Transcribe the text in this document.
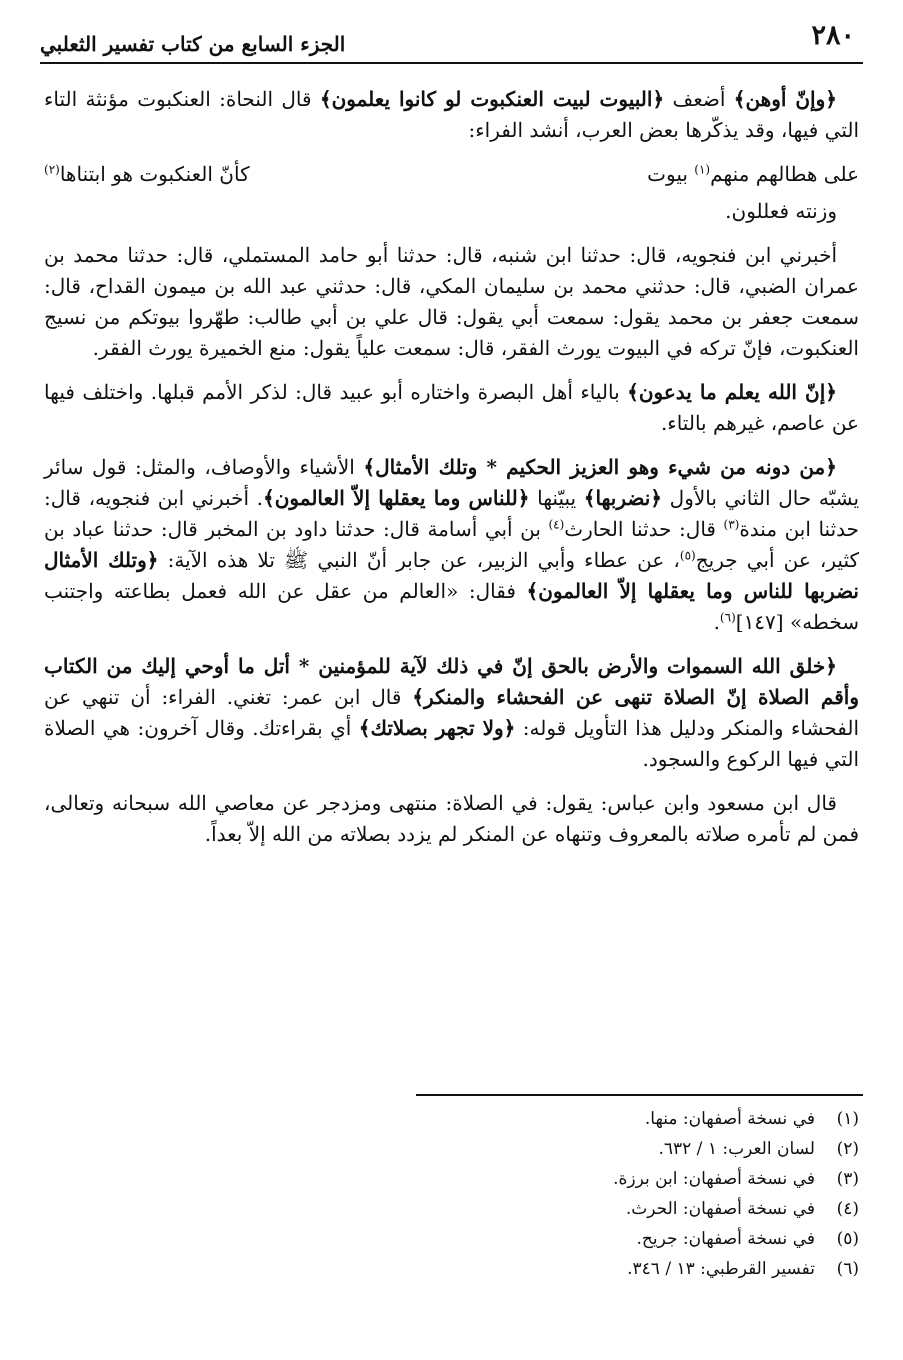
٢٨٠
الجزء السابع من كتاب تفسير الثعلبي

﴿وإنّ أوهن﴾ أضعف ﴿البيوت لبيت العنكبوت لو كانوا يعلمون﴾ قال النحاة: العنكبوت مؤنثة التاء التي فيها، وقد يذكّرها بعض العرب، أنشد الفراء:

على هطالهم منهم$^{(١)}$ بيوت
كأنّ العنكبوت هو ابتناها$^{(٢)}$

وزنته فعللون.

أخبرني ابن فنجويه، قال: حدثنا ابن شنبه، قال: حدثنا أبو حامد المستملي، قال: حدثنا محمد بن عمران الضبي، قال: حدثني محمد بن سليمان المكي، قال: حدثني عبد الله بن ميمون القداح، قال: سمعت جعفر بن محمد يقول: سمعت أبي يقول: قال علي بن أبي طالب: طهّروا بيوتكم من نسيج العنكبوت، فإنّ تركه في البيوت يورث الفقر، قال: سمعت علياً يقول: منع الخميرة يورث الفقر.

﴿إنّ الله يعلم ما يدعون﴾ بالياء أهل البصرة واختاره أبو عبيد قال: لذكر الأمم قبلها. واختلف فيها عن عاصم، غيرهم بالتاء.

﴿من دونه من شيء وهو العزيز الحكيم * وتلك الأمثال﴾ الأشياء والأوصاف، والمثل: قول سائر يشبّه حال الثاني بالأول ﴿نضربها﴾ يبيّنها ﴿للناس وما يعقلها إلاّ العالمون﴾. أخبرني ابن فنجويه، قال: حدثنا ابن مندة$^{(٣)}$ قال: حدثنا الحارث$^{(٤)}$ بن أبي أسامة قال: حدثنا داود بن المخبر قال: حدثنا عباد بن كثير، عن أبي جريج$^{(٥)}$، عن عطاء وأبي الزبير، عن جابر أنّ النبي ﷺ تلا هذه الآية: ﴿وتلك الأمثال نضربها للناس وما يعقلها إلاّ العالمون﴾ فقال: «العالم من عقل عن الله فعمل بطاعته واجتنب سخطه» [١٤٧]$^{(٦)}$.

﴿خلق الله السموات والأرض بالحق إنّ في ذلك لآية للمؤمنين * أتل ما أوحي إليك من الكتاب وأقم الصلاة إنّ الصلاة تنهى عن الفحشاء والمنكر﴾ قال ابن عمر: تغني. الفراء: أن تنهي عن الفحشاء والمنكر ودليل هذا التأويل قوله: ﴿ولا تجهر بصلاتك﴾ أي بقراءتك. وقال آخرون: هي الصلاة التي فيها الركوع والسجود.

قال ابن مسعود وابن عباس: يقول: في الصلاة: منتهى ومزدجر عن معاصي الله سبحانه وتعالى، فمن لم تأمره صلاته بالمعروف وتنهاه عن المنكر لم يزدد بصلاته من الله إلاّ بعداً.

(١)
في نسخة أصفهان: منها.
(٢)
لسان العرب: ١ / ٦٣٢.
(٣)
في نسخة أصفهان: ابن برزة.
(٤)
في نسخة أصفهان: الحرث.
(٥)
في نسخة أصفهان: جريح.
(٦)
تفسير القرطبي: ١٣ / ٣٤٦.
